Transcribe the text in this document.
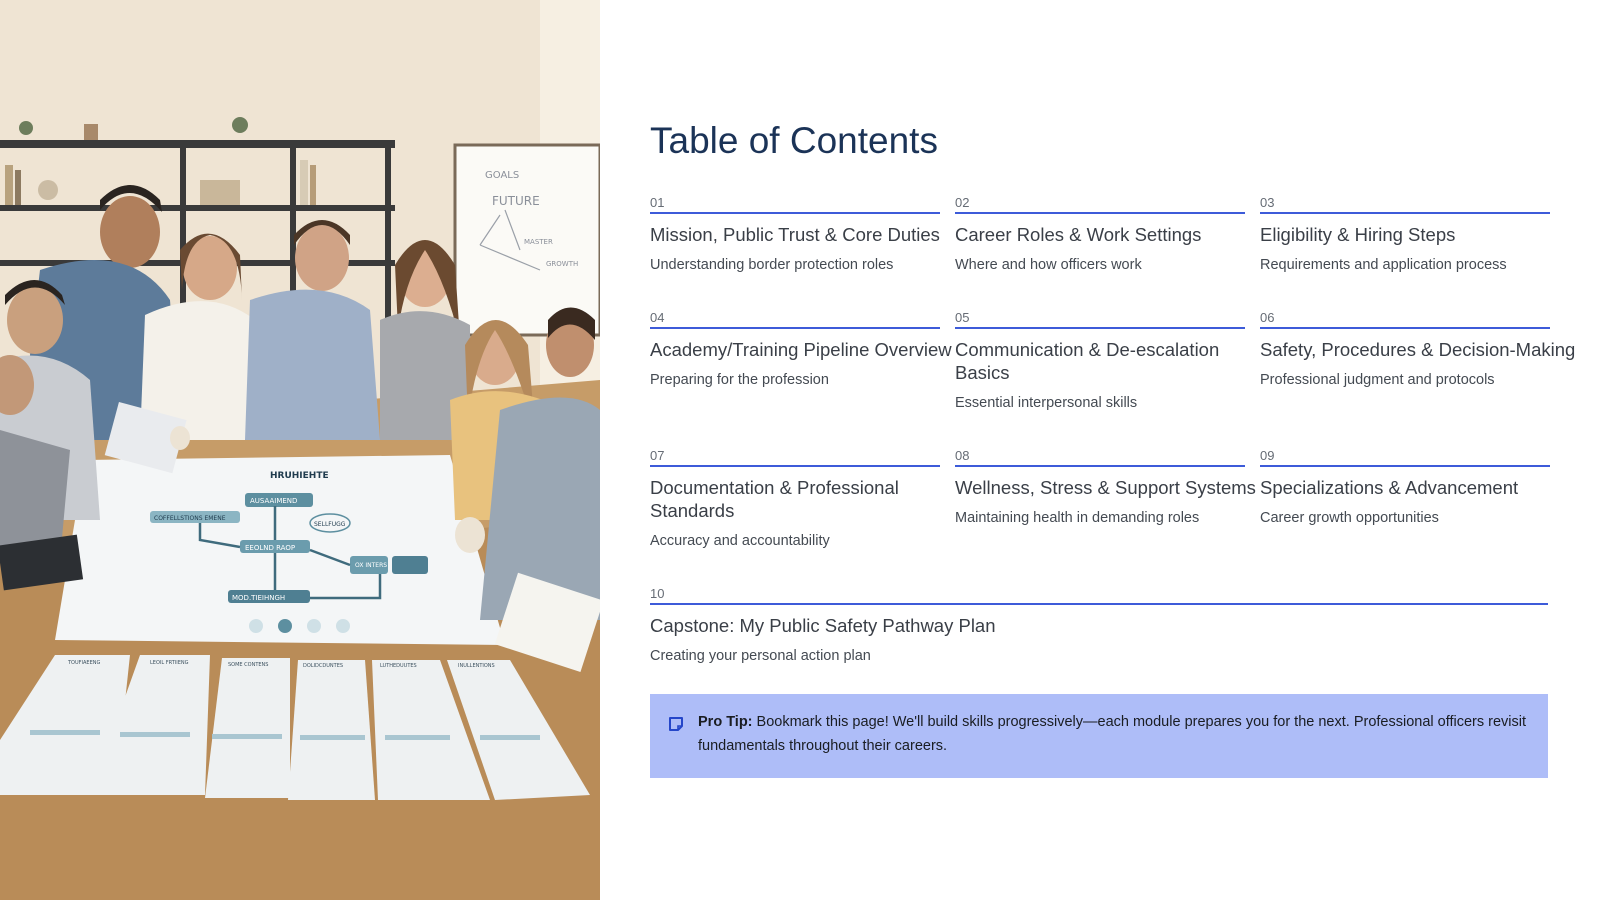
GOALS
FUTURE
MASTER
GROWTH
HRUHIEHTE
AUSAAIMEND
COFFELLSTIONS EMENE
SELLFUGG
EEOLND RAOP
MOD.TIEIHNGH
OX INTERS
TOUFIAEENG	LEOIL FRTIIENG	SOME CONTENS	DOLIDCDUNTES	LUTHEDUUTES	INULLENTIONS
Table of Contents
01
Mission, Public Trust & Core Duties
Understanding border protection roles
02
Career Roles & Work Settings
Where and how officers work
03
Eligibility & Hiring Steps
Requirements and application process
04
Academy/Training Pipeline Overview
Preparing for the profession
05
Communication & De-escalation Basics
Essential interpersonal skills
06
Safety, Procedures & Decision-Making
Professional judgment and protocols
07
Documentation & Professional Standards
Accuracy and accountability
08
Wellness, Stress & Support Systems
Maintaining health in demanding roles
09
Specializations & Advancement
Career growth opportunities
10
Capstone: My Public Safety Pathway Plan
Creating your personal action plan
Pro Tip: Bookmark this page! We'll build skills progressively—each module prepares you for the next. Professional officers revisit fundamentals throughout their careers.
